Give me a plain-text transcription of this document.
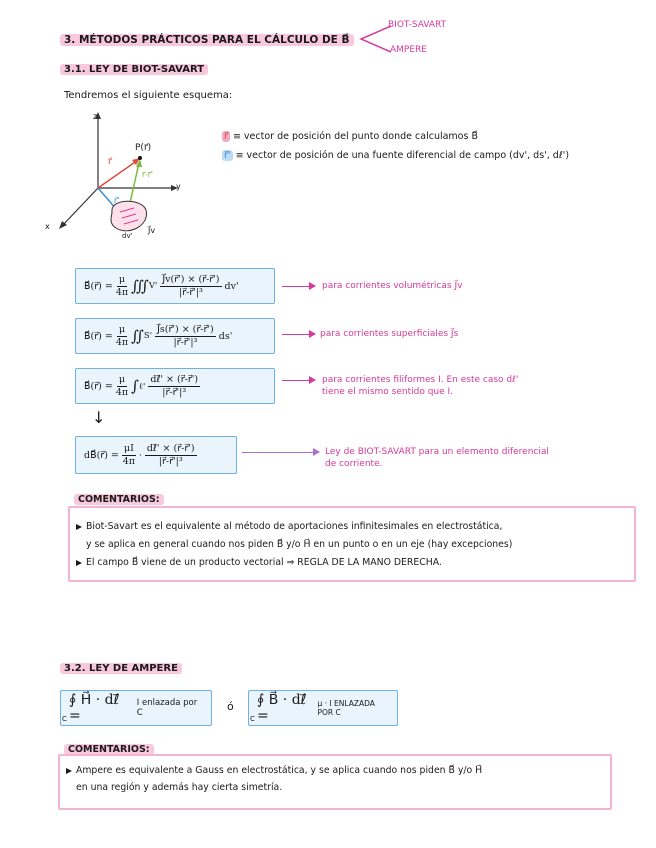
3. MÉTODOS PRÁCTICOS PARA EL CÁLCULO DE B⃗
BIOT-SAVART
AMPERE
3.1. LEY DE BIOT-SAVART
Tendremos el siguiente esquema:
x
z
y
P(r⃗)
r⃗
r⃗'
r⃗-r⃗'
J⃗v
dv'
r⃗ ≡ vector de posición del punto donde calculamos B⃗
r⃗' ≡ vector de posición de una fuente diferencial de campo (dv', ds', dℓ')
B⃗(r⃗) = $\frac{\mu}{4\pi}$ ∭ $V' \frac{J⃗v(r⃗') \times (r⃗-r⃗')}{\text{|r⃗-r⃗'|³}} dv'$	para corrientes volumétricas J⃗v
B⃗(r⃗) = $\frac{\mu}{4\pi}$ ∬ $S' \frac{J⃗s(r⃗') \times (r⃗-r⃗')}{\text{|r⃗-r⃗'|³}} ds'$	para corrientes superficiales J⃗s
B⃗(r⃗) = $\frac{\mu}{4\pi}$ ∫ ℓ' $\frac{\text{dℓ⃗' × (r⃗-r⃗')}}{\text{|r⃗-r⃗'|³}}$	para corrientes filiformes I. En este caso dℓ' tiene el mismo sentido que I.
↓
dB⃗(r⃗) = $\frac{\mu I}{4\pi} \cdot \frac{\text{dℓ⃗' × (r⃗-r⃗')}}{\text{|r⃗-r⃗'|³}}$	Ley de BIOT-SAVART para un elemento diferencial de corriente.
COMENTARIOS:
Biot-Savart es el equivalente al método de aportaciones infinitesimales en electrostática,
y se aplica en general cuando nos piden B⃗ y/o H⃗ en un punto o en un eje (hay excepciones)
El campo B⃗ viene de un producto vectorial ⇒ REGLA DE LA MANO DERECHA.
3.2. LEY DE AMPERE
∮ H⃗ · dℓ⃗ =
I enlazada por C
C
ó ∮ B⃗ · dℓ⃗ =
μ · I ENLAZADA POR C
C
COMENTARIOS:
Ampere es equivalente a Gauss en electrostática, y se aplica cuando nos piden B⃗ y/o H⃗
en una región y además hay cierta simetría.
